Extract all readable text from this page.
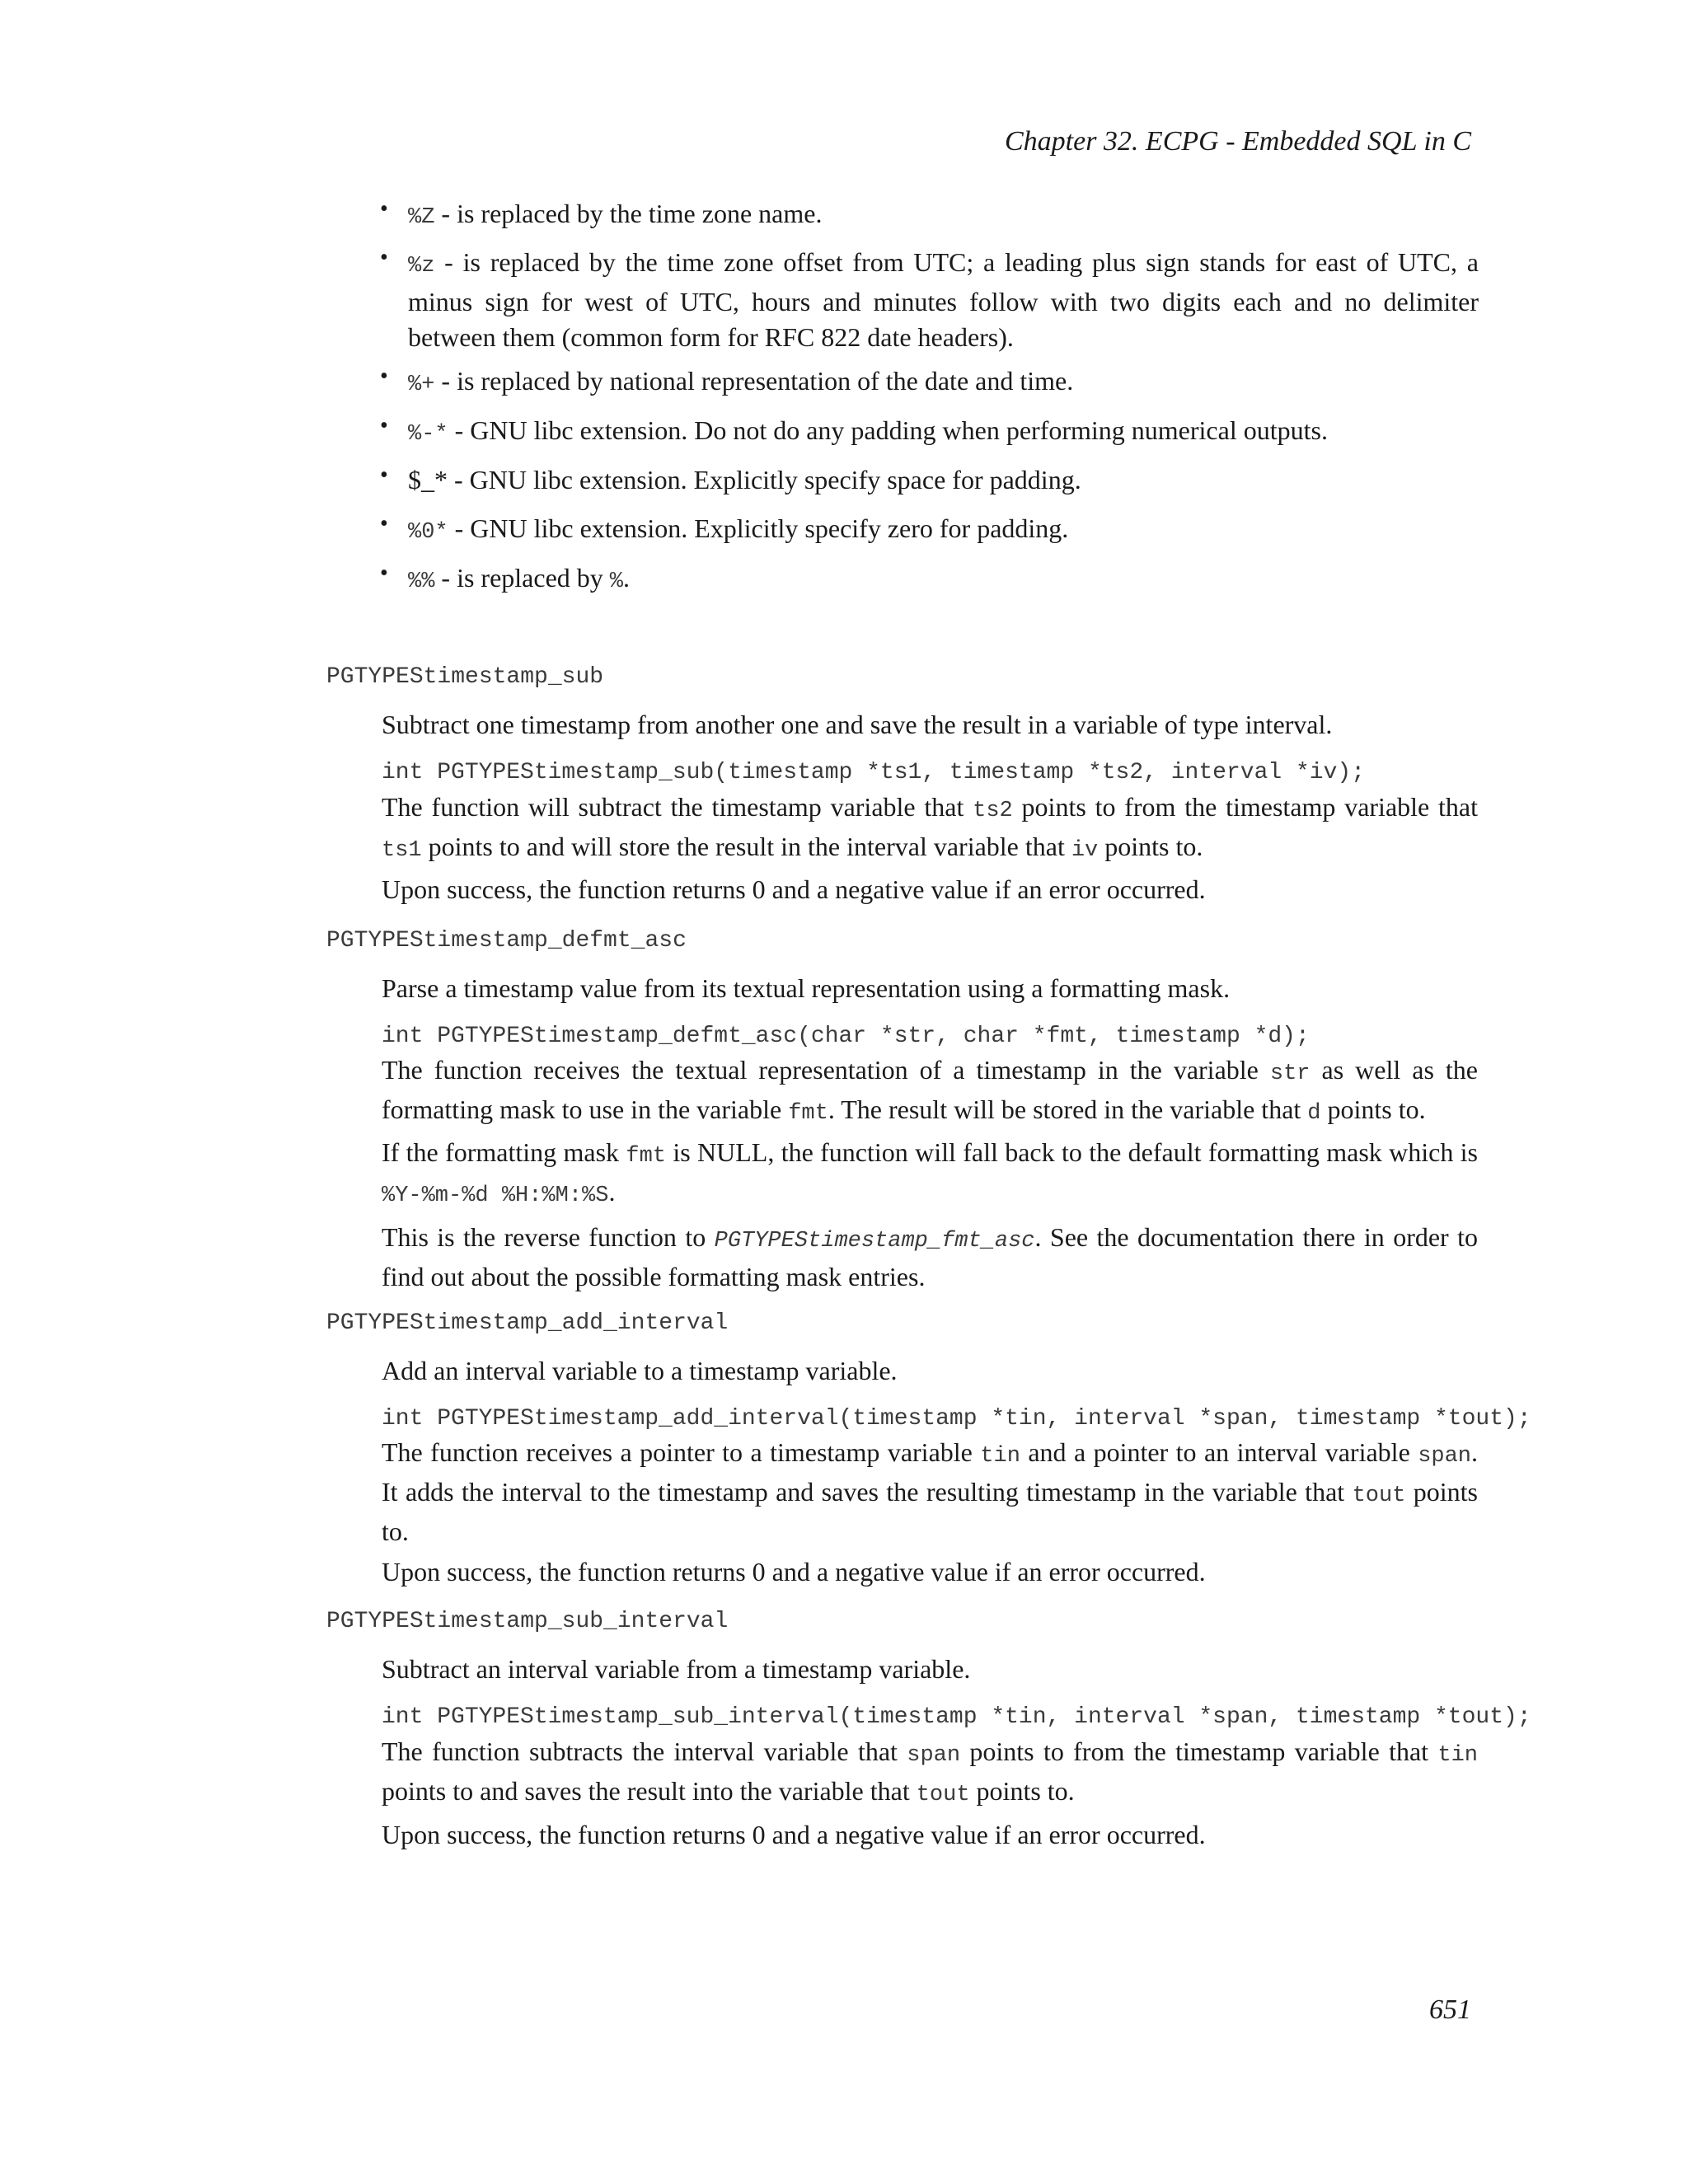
Chapter 32. ECPG - Embedded SQL in C
• %Z - is replaced by the time zone name.

• %z - is replaced by the time zone offset from UTC; a leading plus sign stands for east of UTC, a minus sign for west of UTC, hours and minutes follow with two digits each and no delimiter between them (common form for RFC 822 date headers).

• %+ - is replaced by national representation of the date and time.

• %-* - GNU libc extension. Do not do any padding when performing numerical outputs.

• $_* - GNU libc extension. Explicitly specify space for padding.

• %0* - GNU libc extension. Explicitly specify zero for padding.

• %% - is replaced by %.

PGTYPEStimestamp_sub

Subtract one timestamp from another one and save the result in a variable of type interval.

int PGTYPEStimestamp_sub(timestamp *ts1, timestamp *ts2, interval *iv);

The function will subtract the timestamp variable that ts2 points to from the timestamp variable that ts1 points to and will store the result in the interval variable that iv points to.

Upon success, the function returns 0 and a negative value if an error occurred.

PGTYPEStimestamp_defmt_asc

Parse a timestamp value from its textual representation using a formatting mask.

int PGTYPEStimestamp_defmt_asc(char *str, char *fmt, timestamp *d);

The function receives the textual representation of a timestamp in the variable str as well as the formatting mask to use in the variable fmt. The result will be stored in the variable that d points to.

If the formatting mask fmt is NULL, the function will fall back to the default formatting mask which is %Y-%m-%d %H:%M:%S.

This is the reverse function to PGTYPEStimestamp_fmt_asc. See the documentation there in order to find out about the possible formatting mask entries.

PGTYPEStimestamp_add_interval

Add an interval variable to a timestamp variable.

int PGTYPEStimestamp_add_interval(timestamp *tin, interval *span, timestamp *tout);

The function receives a pointer to a timestamp variable tin and a pointer to an interval variable span. It adds the interval to the timestamp and saves the resulting timestamp in the variable that tout points to.

Upon success, the function returns 0 and a negative value if an error occurred.

PGTYPEStimestamp_sub_interval

Subtract an interval variable from a timestamp variable.

int PGTYPEStimestamp_sub_interval(timestamp *tin, interval *span, timestamp *tout);

The function subtracts the interval variable that span points to from the timestamp variable that tin points to and saves the result into the variable that tout points to.

Upon success, the function returns 0 and a negative value if an error occurred.

651
